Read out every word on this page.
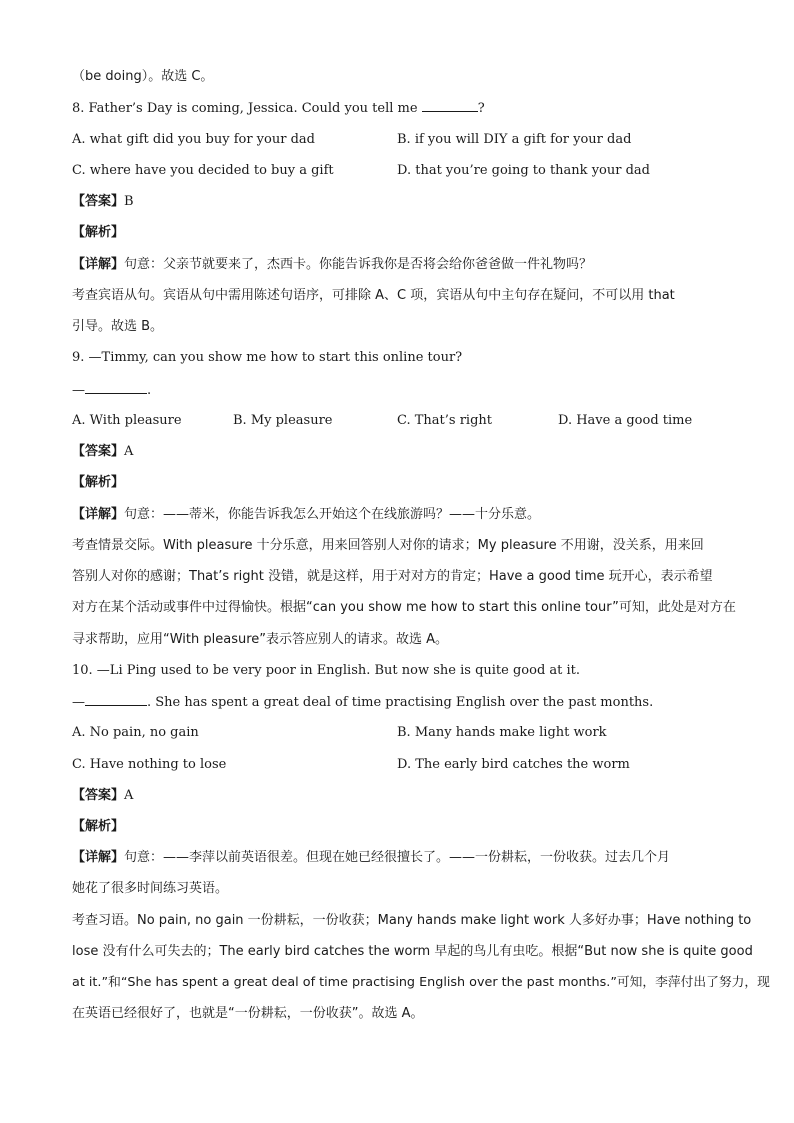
（be doing）。故选 C。
8. Father’s Day is coming, Jessica. Could you tell me	?
A. what gift did you buy for your dad	B. if you will DIY a gift for your dad
C. where have you decided to buy a gift	D. that you’re going to thank your dad
【答案】B
【解析】
【详解】句意：父亲节就要来了，杰西卡。你能告诉我你是否将会给你爸爸做一件礼物吗？
考查宾语从句。宾语从句中需用陈述句语序，可排除 A、C 项，宾语从句中主句存在疑问，不可以用 that
引导。故选 B。
9. —Timmy, can you show me how to start this online tour?
—	.
A. With pleasure	B. My pleasure	C. That’s right	D. Have a good time
【答案】A
【解析】
【详解】句意：——蒂米，你能告诉我怎么开始这个在线旅游吗？——十分乐意。
考查情景交际。With pleasure 十分乐意，用来回答别人对你的请求；My pleasure 不用谢，没关系，用来回
答别人对你的感谢；That’s right 没错，就是这样，用于对对方的肯定；Have a good time 玩开心，表示希望
对方在某个活动或事件中过得愉快。根据“can you show me how to start this online tour”可知，此处是对方在
寻求帮助，应用“With pleasure”表示答应别人的请求。故选 A。
10. —Li Ping used to be very poor in English. But now she is quite good at it.
—	. She has spent a great deal of time practising English over the past months.
A. No pain, no gain	B. Many hands make light work
C. Have nothing to lose	D. The early bird catches the worm
【答案】A
【解析】
【详解】句意：——李萍以前英语很差。但现在她已经很擅长了。——一份耕耘，一份收获。过去几个月
她花了很多时间练习英语。
考查习语。No pain, no gain 一份耕耘，一份收获；Many hands make light work 人多好办事；Have nothing to
lose 没有什么可失去的；The early bird catches the worm 早起的鸟儿有虫吃。根据“But now she is quite good
at it.”和“She has spent a great deal of time practising English over the past months.”可知，李萍付出了努力，现
在英语已经很好了，也就是“一份耕耘，一份收获”。故选 A。
